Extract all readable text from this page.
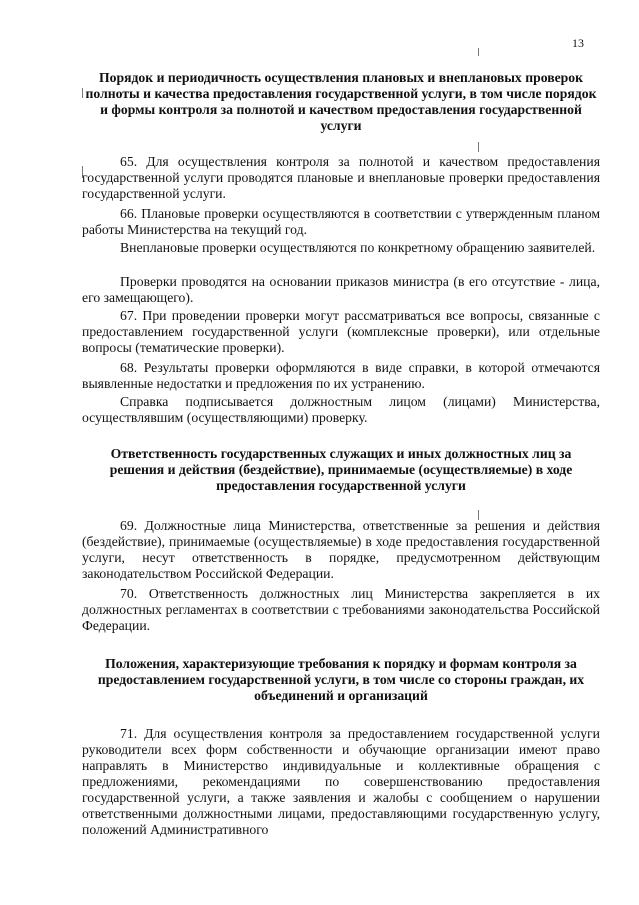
13
Порядок и периодичность осуществления плановых и внеплановых проверок полноты и качества предоставления государственной услуги, в том числе порядок и формы контроля за полнотой и качеством предоставления государственной услуги
65. Для осуществления контроля за полнотой и качеством предоставления государственной услуги проводятся плановые и внеплановые проверки предоставления государственной услуги.
66. Плановые проверки осуществляются в соответствии с утвержденным планом работы Министерства на текущий год.
Внеплановые проверки осуществляются по конкретному обращению заявителей.
Проверки проводятся на основании приказов министра (в его отсутствие - лица, его замещающего).
67. При проведении проверки могут рассматриваться все вопросы, связанные с предоставлением государственной услуги (комплексные проверки), или отдельные вопросы (тематические проверки).
68. Результаты проверки оформляются в виде справки, в которой отмечаются выявленные недостатки и предложения по их устранению.
Справка подписывается должностным лицом (лицами) Министерства, осуществлявшим (осуществляющими) проверку.
Ответственность государственных служащих и иных должностных лиц за решения и действия (бездействие), принимаемые (осуществляемые) в ходе предоставления государственной услуги
69. Должностные лица Министерства, ответственные за решения и действия (бездействие), принимаемые (осуществляемые) в ходе предоставления государственной услуги, несут ответственность в порядке, предусмотренном действующим законодательством Российской Федерации.
70. Ответственность должностных лиц Министерства закрепляется в их должностных регламентах в соответствии с требованиями законодательства Российской Федерации.
Положения, характеризующие требования к порядку и формам контроля за предоставлением государственной услуги, в том числе со стороны граждан, их объединений и организаций
71. Для осуществления контроля за предоставлением государственной услуги руководители всех форм собственности и обучающие организации имеют право направлять в Министерство индивидуальные и коллективные обращения с предложениями, рекомендациями по совершенствованию предоставления государственной услуги, а также заявления и жалобы с сообщением о нарушении ответственными должностными лицами, предоставляющими государственную услугу, положений Административного
